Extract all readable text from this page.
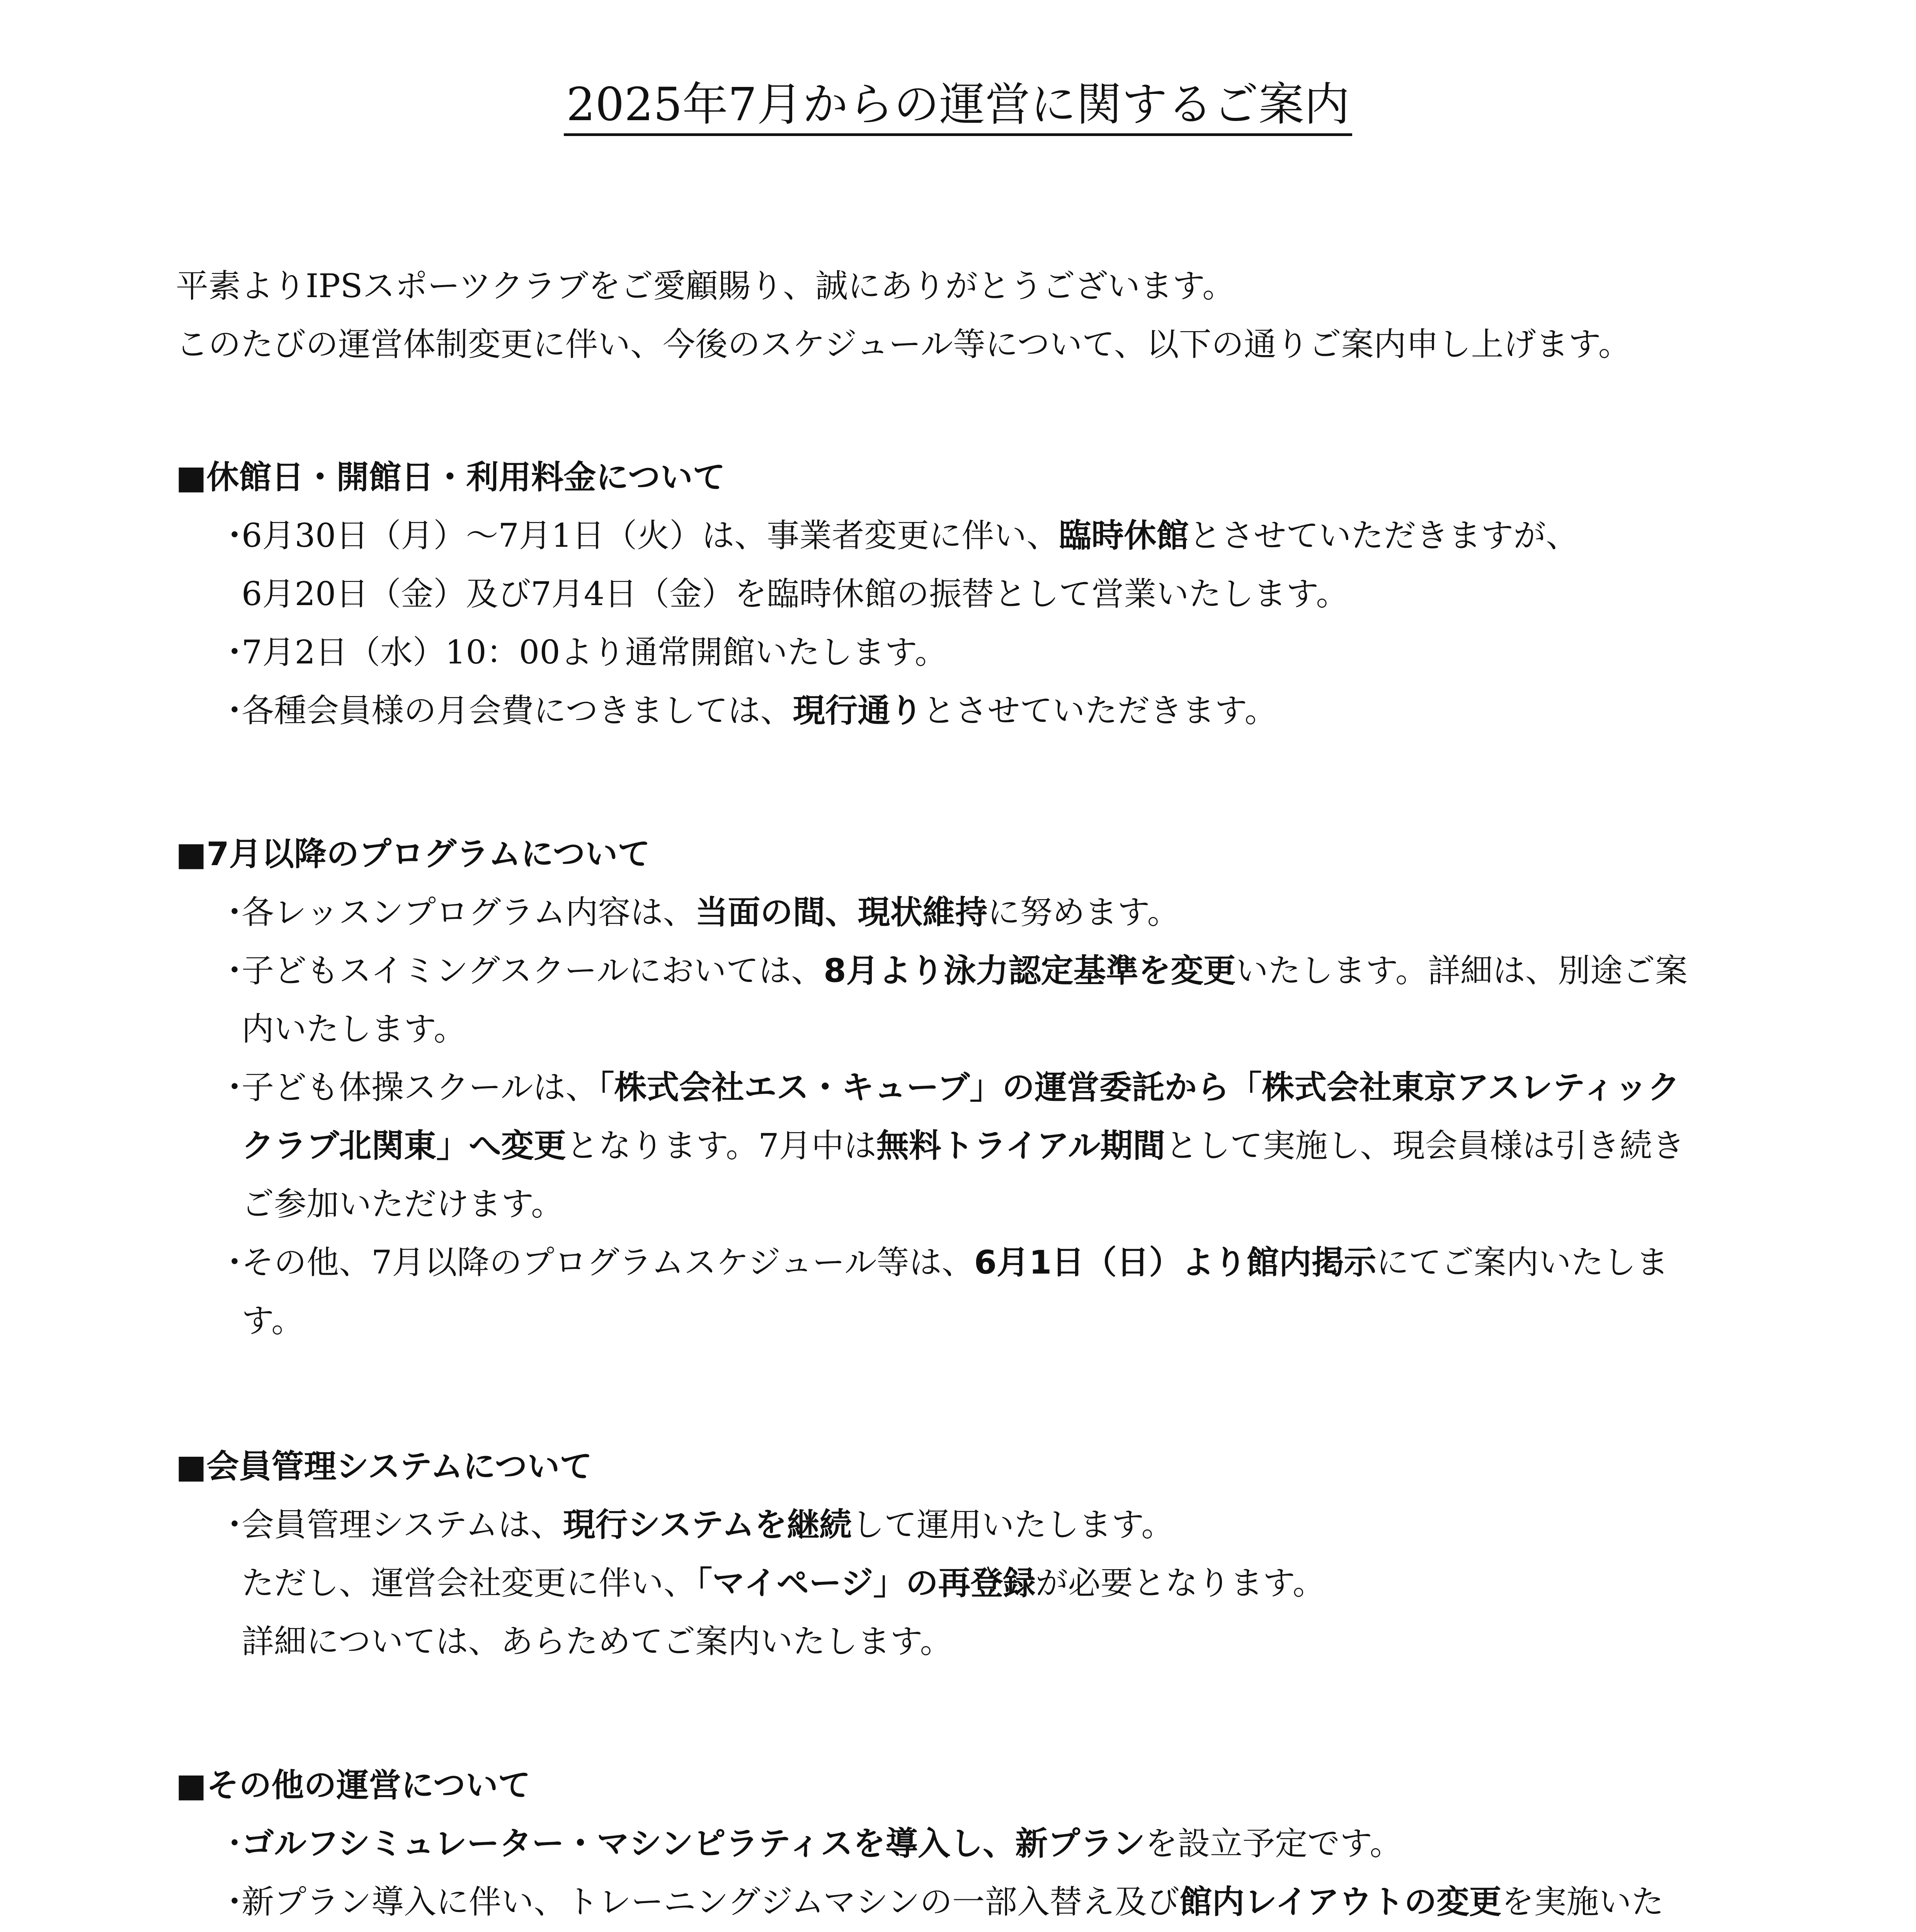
2025年7月からの運営に関するご案内
平素よりIPSスポーツクラブをご愛顧賜り、誠にありがとうございます。
このたびの運営体制変更に伴い、今後のスケジュール等について、以下の通りご案内申し上げます。
■休館日・開館日・利用料金について
・
6月30日（月）〜7月1日（火）は、事業者変更に伴い、臨時休館とさせていただきますが、
6月20日（金）及び7月4日（金）を臨時休館の振替として営業いたします。
・
7月2日（水）10：00より通常開館いたします。
・
各種会員様の月会費につきましては、現行通りとさせていただきます。
■7月以降のプログラムについて
・
各レッスンプログラム内容は、当面の間、現状維持に努めます。
・
子どもスイミングスクールにおいては、8月より泳力認定基準を変更いたします。詳細は、別途ご案
内いたします。
・
子ども体操スクールは、「株式会社エス・キューブ」の運営委託から「株式会社東京アスレティック
クラブ北関東」へ変更となります。7月中は無料トライアル期間として実施し、現会員様は引き続き
ご参加いただけます。
・
その他、7月以降のプログラムスケジュール等は、6月1日（日）より館内掲示にてご案内いたしま
す。
■会員管理システムについて
・
会員管理システムは、現行システムを継続して運用いたします。
ただし、運営会社変更に伴い、「マイページ」の再登録が必要となります。
詳細については、あらためてご案内いたします。
■その他の運営について
・
ゴルフシミュレーター・マシンピラティスを導入し、新プランを設立予定です。
・
新プラン導入に伴い、トレーニングジムマシンの一部入替え及び館内レイアウトの変更を実施いた
